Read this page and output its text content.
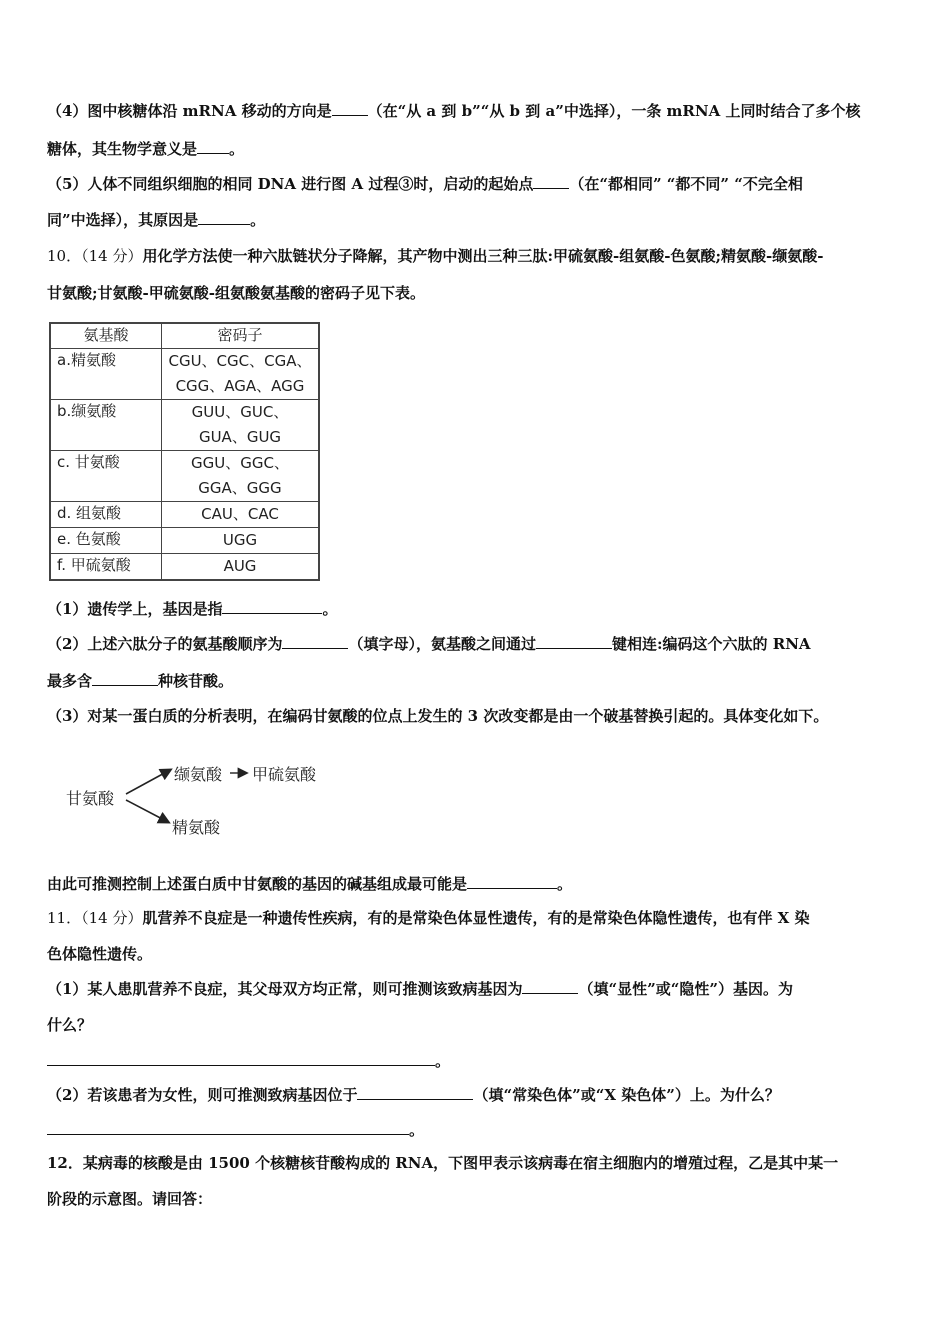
（4）图中核糖体沿 mRNA 移动的方向是 （在“从 a 到 b”“从 b 到 a”中选择），一条 mRNA 上同时结合了多个核
糖体，其生物学意义是 。
（5）人体不同组织细胞的相同 DNA 进行图 A 过程③时，启动的起始点 （在“都相同” “都不同” “不完全相
同”中选择），其原因是	。
10．（14 分）用化学方法使一种六肽链状分子降解，其产物中测出三种三肽:甲硫氨酸-组氨酸-色氨酸;精氨酸-缬氨酸-
甘氨酸;甘氨酸-甲硫氨酸-组氨酸氨基酸的密码子见下表。
氨基酸	密码子
a.精氨酸	CGU、CGC、CGA、
CGG、AGA、AGG

b.缬氨酸	GUU、GUC、
GUA、GUG

c. 甘氨酸	GGU、GGC、
GGA、GGG

d. 组氨酸	CAU、CAC
e. 色氨酸	UGG
f. 甲硫氨酸	AUG
（1）遗传学上，基因是指	。
（2）上述六肽分子的氨基酸顺序为	（填字母），氨基酸之间通过	键相连:编码这个六肽的 RNA
最多含	种核苷酸。
（3）对某一蛋白质的分析表明，在编码甘氨酸的位点上发生的 3 次改变都是由一个破基替换引起的。具体变化如下。
甘氨酸
缬氨酸 甲硫氨酸
精氨酸
由此可推测控制上述蛋白质中甘氨酸的基因的碱基组成最可能是	。
11．（14 分）肌营养不良症是一种遗传性疾病，有的是常染色体显性遗传，有的是常染色体隐性遗传，也有伴 X 染
色体隐性遗传。
（1）某人患肌营养不良症，其父母双方均正常，则可推测该致病基因为	（填“显性”或“隐性”）基因。为
什么？
。
（2）若该患者为女性，则可推测致病基因位于	（填“常染色体”或“X 染色体”）上。为什么？
。
12．某病毒的核酸是由 1500 个核糖核苷酸构成的 RNA，下图甲表示该病毒在宿主细胞内的增殖过程，乙是其中某一
阶段的示意图。请回答：
